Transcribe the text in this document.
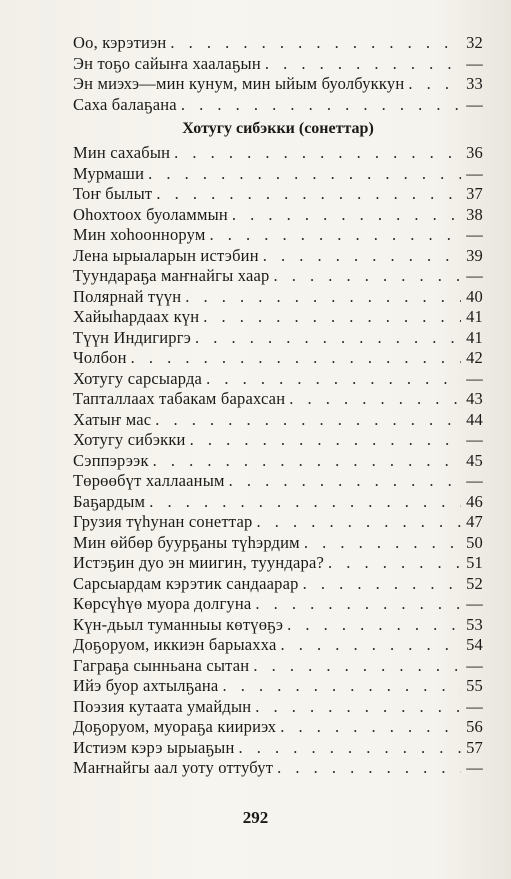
Оо, кэрэтиэн . . .	32
Эн тоҕо сайыҥа хаалаҕын . . .	—
Эн миэхэ—мин кунум, мин ыйым буолбуккун . . .	33
Саха балаҕана . . .	—
Хотугу сибэкки (сонеттар)
Мин сахабын . . .	36
Мурмаши . . .	—
Тоҥ былыт . . .	37
Оһохтоох буоламмын . . .	38
Мин хоһооннорум . . .	—
Лена ырыаларын истэбин . . .	39
Туундараҕа маҥнайгы хаар . . .	—
Полярнай түүн . . .	40
Хайыһардаах күн . . .	41
Түүн Индигиргэ . . .	41
Чолбон . . .	42
Хотугу сарсыарда . . .	—
Тапталлаах табакам барахсан . . .	43
Хатыҥ мас . . .	44
Хотугу сибэкки . . .	—
Сэппэрээк . . .	45
Төрөөбүт халлааным . . .	—
Баҕардым . . .	46
Грузия түһунан сонеттар . . .	47
Мин өйбөр буурҕаны түһэрдим . . .	50
Истэҕин дуо эн миигин, туундара? . . .	51
Сарсыардам кэрэтик сандаарар . . .	52
Көрсүһүө муора долгуна . . .	—
Күн-дьыл туманныы көтүөҕэ . . .	53
Доҕоруом, иккиэн барыахха . . .	54
Гаграҕа сынньана сытан . . .	—
Ийэ буор ахтылҕана . . .	55
Поэзия кутаата умайдын . . .	—
Доҕоруом, муораҕа киириэх . . .	56
Истиэм кэрэ ырыаҕын . . .	57
Маҥнайгы аал уоту оттубут . . .	—
292
